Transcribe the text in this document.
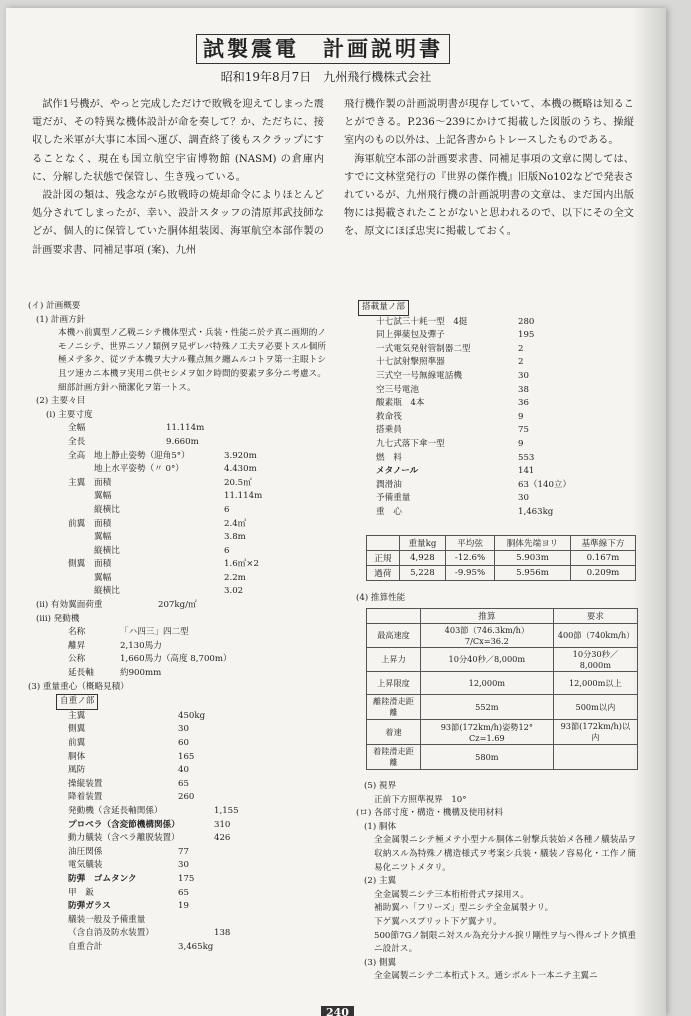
試製震電　計画説明書
昭和19年8月7日　九州飛行機株式会社

試作1号機が、やっと完成しただけで敗戦を迎えてしまった震電だが、その特異な機体設計が命を奏して？か、ただちに、接収した米軍が大事に本国へ運び、調査終了後もスクラップにすることなく、現在も国立航空宇宙博物館 (NASM) の倉庫内に、分解した状態で保管し、生き残っている。

設計図の類は、残念ながら敗戦時の焼却命令によりほとんど処分されてしまったが、幸い、設計スタッフの清原邦武技師などが、個人的に保管していた胴体組装図、海軍航空本部作製の計画要求書、同補足事項 (案)、九州

飛行機作製の計画説明書が現存していて、本機の概略は知ることができる。P.236～239にかけて掲載した図版のうち、操縦室内のもの以外は、上記各書からトレースしたものである。

海軍航空本部の計画要求書、同補足事項の文章に関しては、すでに文林堂発行の『世界の傑作機』旧版No102などで発表されているが、九州飛行機の計画説明書の文章は、まだ国内出版物には掲載されたことがないと思われるので、以下にその全文を、原文にほぼ忠実に掲載しておく。

(イ) 計画概要
(1) 計画方針
本機ハ前翼型ノ乙戦ニシテ機体型式・兵装・性能ニ於テ真ニ画期的ノモノニシテ、世界ニソノ類例ヲ見ザレバ特殊ノ工夫ヲ必要トスル個所極メテ多ク、従ツテ本機ヲ大ナル難点無ク纏ムルコトヲ第一主眼トシ且ツ速カニ本機ヲ実用ニ供セシメヲ如ク時間的要素ヲ多分ニ考慮ス。細部計画方針ハ簡潔化ヲ第一トス。
(2) 主要々目
(i) 主要寸度
全幅	11.114m
全長	9.660m
全高 地上静止姿勢（迎角5°）	3.920m
地上水平姿勢（〃 0°）	4.430m
主翼 面積	20.5㎡
翼幅	11.114m
縦横比	6
前翼 面積	2.4㎡
翼幅	3.8m
縦横比	6
側翼 面積	1.6㎡×2
翼幅	2.2m
縦横比	3.02
(ii) 有効翼面荷重	207kg/㎡
(iii) 発動機
名称	「ハ四三」四二型
離昇	2,130馬力
公称	1,660馬力（高度 8,700m）
延長軸	約900mm
(3) 重量重心（概略見積）
自重ノ部
主翼	450kg
側翼	30
前翼	60
胴体	165
風防	40
操縦装置	65
降着装置	260
発動機（含延長軸関係）	1,155
プロペラ（含変節機構関係）	310
動力艤装（含ペラ離脱装置）	426
油圧関係	77
電気艤装	30
防弾　ゴムタンク	175
甲　鈑	65
防弾ガラス	19
艤装一般及予備重量
（含自消及防水装置）	138
自重合計	3,465kg
搭載量ノ部
十七試三十耗一型　4挺	280
同上弾薬包及彈子	195
一式電気発射管制器二型	2
十七試射撃照準器	2
三式空一号無線電話機	30
空三号電池	38
酸素瓶　4本	36
救命筏	9
搭乗員	75
九七式落下傘一型	9
燃　料	553
メタノール	141
潤滑油	63（140立）
予備重量	30
重　心	1,463kg
	重量kg	平均弦	胴体先端ヨリ	基準線下方
正規	4,928	-12.6%	5.903m	0.167m
過荷	5,228	-9.95%	5.956m	0.209m
(4) 推算性能
	推算	要求
最高速度	403節（746.3km/h） 7/Cx=36.2	400節（740km/h）
上昇力	10分40秒／8,000m	10分30秒／8,000m
上昇限度	12,000m	12,000m以上
離陸滑走距離	552m	500m以内
着速	93節(172km/h)姿勢12° Cz=1.69	93節(172km/h)以内
着陸滑走距離	580m	
(5) 視界
正前下方照準視界　10°
(ロ) 各部寸度・構造・機構及使用材料
(1) 胴体
全金属製ニシテ極メテ小型ナル胴体ニ射撃兵装始メ各種ノ艤装品ヲ収納スル為特殊ノ構造様式ヲ考案シ兵装・艤装ノ容易化・工作ノ簡易化ニツトメタリ。
(2) 主翼
全金属製ニシテ三本桁桁骨式ヲ採用ス。
補助翼ハ「フリーズ」型ニシテ全金属製ナリ。
下ゲ翼ハスプリット下ゲ翼ナリ。
500節7Gノ制限ニ対スル為充分ナル捩リ剛性ヲ与ヘ得ルゴトク慎重ニ設計ス。
(3) 側翼
全金属製ニシテ二本桁式トス。通シボルト一本ニテ主翼ニ
240
